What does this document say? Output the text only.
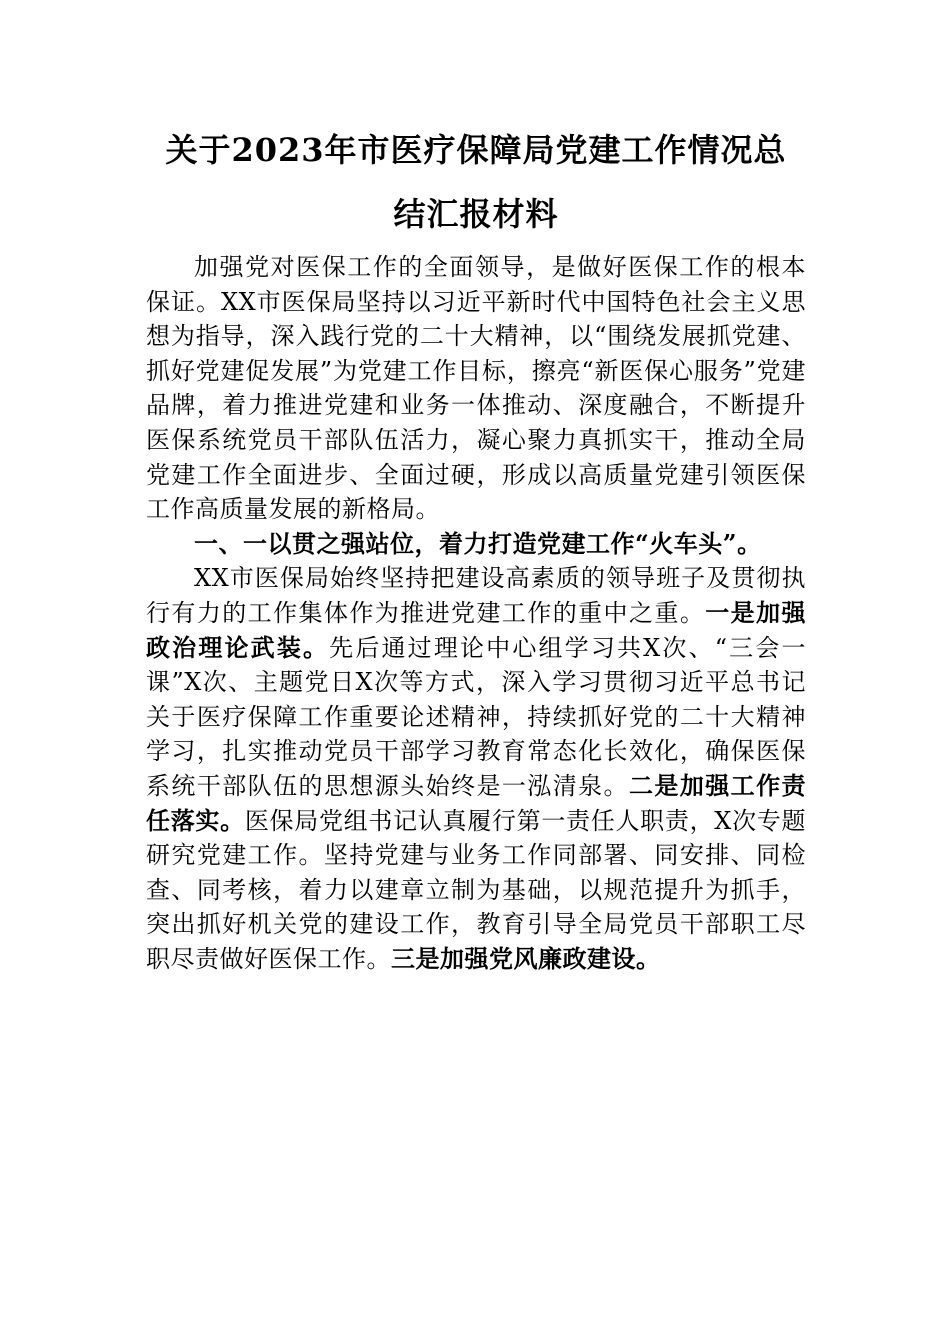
关于2023年市医疗保障局党建工作情况总
结汇报材料

加强党对医保工作的全面领导，是做好医保工作的根本保证。XX市医保局坚持以习近平新时代中国特色社会主义思想为指导，深入践行党的二十大精神，以“围绕发展抓党建、抓好党建促发展”为党建工作目标，擦亮“新医保心服务”党建品牌，着力推进党建和业务一体推动、深度融合，不断提升医保系统党员干部队伍活力，凝心聚力真抓实干，推动全局党建工作全面进步、全面过硬，形成以高质量党建引领医保工作高质量发展的新格局。

一、一以贯之强站位，着力打造党建工作“火车头”。

XX市医保局始终坚持把建设高素质的领导班子及贯彻执行有力的工作集体作为推进党建工作的重中之重。一是加强政治理论武装。先后通过理论中心组学习共X次、“三会一课”X次、主题党日X次等方式，深入学习贯彻习近平总书记关于医疗保障工作重要论述精神，持续抓好党的二十大精神学习，扎实推动党员干部学习教育常态化长效化，确保医保系统干部队伍的思想源头始终是一泓清泉。二是加强工作责任落实。医保局党组书记认真履行第一责任人职责，X次专题研究党建工作。坚持党建与业务工作同部署、同安排、同检查、同考核，着力以建章立制为基础，以规范提升为抓手，突出抓好机关党的建设工作，教育引导全局党员干部职工尽职尽责做好医保工作。三是加强党风廉政建设。
